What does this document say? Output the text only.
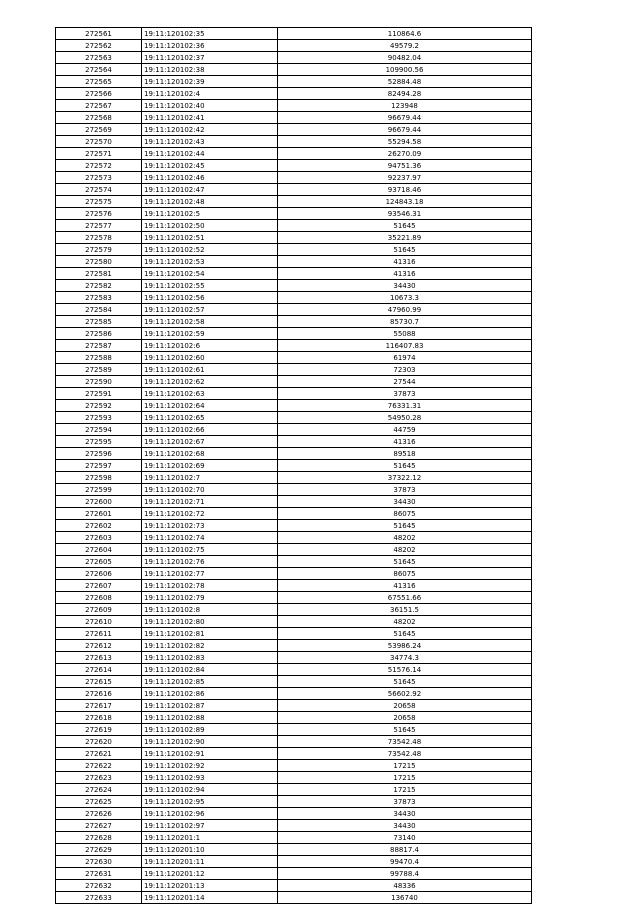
272561	19:11:120102:35	110864.6
272562	19:11:120102:36	49579.2
272563	19:11:120102:37	90482.04
272564	19:11:120102:38	109900.56
272565	19:11:120102:39	52884.48
272566	19:11:120102:4	82494.28
272567	19:11:120102:40	123948
272568	19:11:120102:41	96679.44
272569	19:11:120102:42	96679.44
272570	19:11:120102:43	55294.58
272571	19:11:120102:44	26270.09
272572	19:11:120102:45	94751.36
272573	19:11:120102:46	92237.97
272574	19:11:120102:47	93718.46
272575	19:11:120102:48	124843.18
272576	19:11:120102:5	93546.31
272577	19:11:120102:50	51645
272578	19:11:120102:51	35221.89
272579	19:11:120102:52	51645
272580	19:11:120102:53	41316
272581	19:11:120102:54	41316
272582	19:11:120102:55	34430
272583	19:11:120102:56	10673.3
272584	19:11:120102:57	47960.99
272585	19:11:120102:58	85730.7
272586	19:11:120102:59	55088
272587	19:11:120102:6	116407.83
272588	19:11:120102:60	61974
272589	19:11:120102:61	72303
272590	19:11:120102:62	27544
272591	19:11:120102:63	37873
272592	19:11:120102:64	76331.31
272593	19:11:120102:65	54950.28
272594	19:11:120102:66	44759
272595	19:11:120102:67	41316
272596	19:11:120102:68	89518
272597	19:11:120102:69	51645
272598	19:11:120102:7	37322.12
272599	19:11:120102:70	37873
272600	19:11:120102:71	34430
272601	19:11:120102:72	86075
272602	19:11:120102:73	51645
272603	19:11:120102:74	48202
272604	19:11:120102:75	48202
272605	19:11:120102:76	51645
272606	19:11:120102:77	86075
272607	19:11:120102:78	41316
272608	19:11:120102:79	67551.66
272609	19:11:120102:8	36151.5
272610	19:11:120102:80	48202
272611	19:11:120102:81	51645
272612	19:11:120102:82	53986.24
272613	19:11:120102:83	34774.3
272614	19:11:120102:84	51576.14
272615	19:11:120102:85	51645
272616	19:11:120102:86	56602.92
272617	19:11:120102:87	20658
272618	19:11:120102:88	20658
272619	19:11:120102:89	51645
272620	19:11:120102:90	73542.48
272621	19:11:120102:91	73542.48
272622	19:11:120102:92	17215
272623	19:11:120102:93	17215
272624	19:11:120102:94	17215
272625	19:11:120102:95	37873
272626	19:11:120102:96	34430
272627	19:11:120102:97	34430
272628	19:11:120201:1	73140
272629	19:11:120201:10	88817.4
272630	19:11:120201:11	99470.4
272631	19:11:120201:12	99788.4
272632	19:11:120201:13	48336
272633	19:11:120201:14	136740
